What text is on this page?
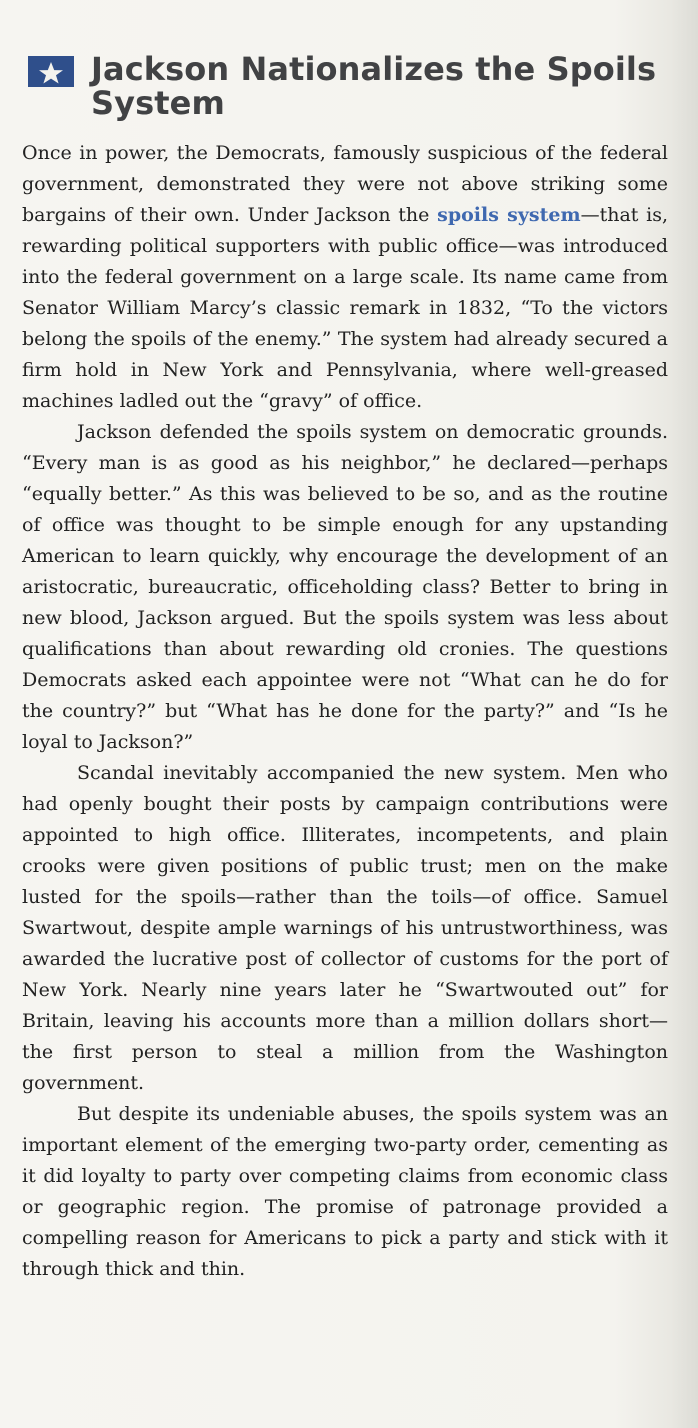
Jackson Nationalizes the Spoils System

Once in power, the Democrats, famously suspicious of the federal government, demonstrated they were not above striking some bargains of their own. Under Jackson the spoils system—that is, rewarding political supporters with public office—was introduced into the federal government on a large scale. Its name came from Senator William Marcy’s classic remark in 1832, “To the victors belong the spoils of the enemy.” The system had already secured a firm hold in New York and Pennsylvania, where well-greased machines ladled out the “gravy” of office.

Jackson defended the spoils system on democratic grounds. “Every man is as good as his neighbor,” he declared—perhaps “equally better.” As this was believed to be so, and as the routine of office was thought to be simple enough for any upstanding American to learn quickly, why encourage the development of an aristocratic, bureaucratic, officeholding class? Better to bring in new blood, Jackson argued. But the spoils system was less about qualifications than about rewarding old cronies. The questions Democrats asked each appointee were not “What can he do for the country?” but “What has he done for the party?” and “Is he loyal to Jackson?”

Scandal inevitably accompanied the new system. Men who had openly bought their posts by campaign contributions were appointed to high office. Illiterates, incompetents, and plain crooks were given positions of public trust; men on the make lusted for the spoils—rather than the toils—of office. Samuel Swartwout, despite ample warnings of his untrustworthiness, was awarded the lucrative post of collector of customs for the port of New York. Nearly nine years later he “Swartwouted out” for Britain, leaving his accounts more than a million dollars short—the first person to steal a million from the Washington government.

But despite its undeniable abuses, the spoils system was an important element of the emerging two-party order, cementing as it did loyalty to party over competing claims from economic class or geographic region. The promise of patronage provided a compelling reason for Americans to pick a party and stick with it through thick and thin.
